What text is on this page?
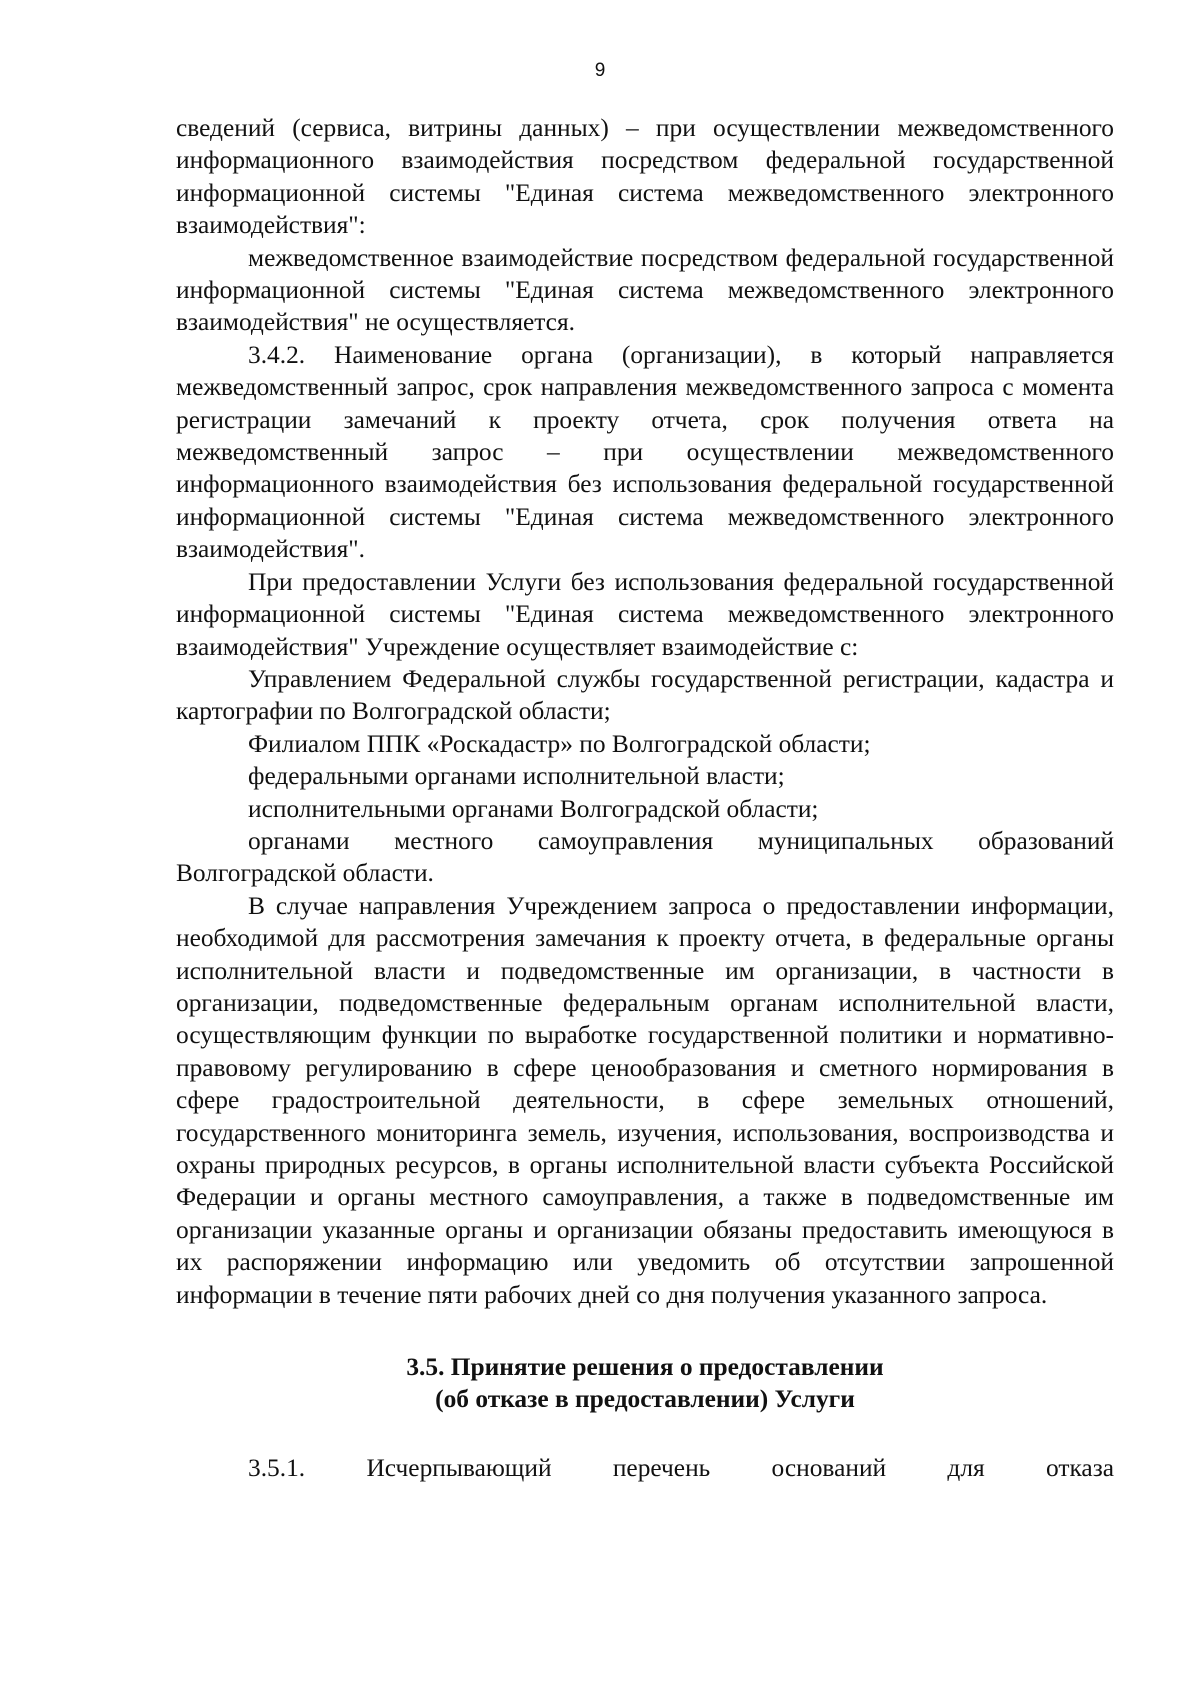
9

сведений (сервиса, витрины данных) – при осуществлении межведомственного информационного взаимодействия посредством федеральной государственной информационной системы "Единая система межведомственного электронного взаимодействия":

межведомственное взаимодействие посредством федеральной государственной информационной системы "Единая система межведомственного электронного взаимодействия" не осуществляется.

3.4.2. Наименование органа (организации), в который направляется межведомственный запрос, срок направления межведомственного запроса с момента регистрации замечаний к проекту отчета, срок получения ответа на межведомственный запрос – при осуществлении межведомственного информационного взаимодействия без использования федеральной государственной информационной системы "Единая система межведомственного электронного взаимодействия".

При предоставлении Услуги без использования федеральной государственной информационной системы "Единая система межведомственного электронного взаимодействия" Учреждение осуществляет взаимодействие с:

Управлением Федеральной службы государственной регистрации, кадастра и картографии по Волгоградской области;

Филиалом ППК «Роскадастр» по Волгоградской области;

федеральными органами исполнительной власти;

исполнительными органами Волгоградской области;

органами местного самоуправления муниципальных образований Волгоградской области.

В случае направления Учреждением запроса о предоставлении информации, необходимой для рассмотрения замечания к проекту отчета, в федеральные органы исполнительной власти и подведомственные им организации, в частности в организации, подведомственные федеральным органам исполнительной власти, осуществляющим функции по выработке государственной политики и нормативно-правовому регулированию в сфере ценообразования и сметного нормирования в сфере градостроительной деятельности, в сфере земельных отношений, государственного мониторинга земель, изучения, использования, воспроизводства и охраны природных ресурсов, в органы исполнительной власти субъекта Российской Федерации и органы местного самоуправления, а также в подведомственные им организации указанные органы и организации обязаны предоставить имеющуюся в их распоряжении информацию или уведомить об отсутствии запрошенной информации в течение пяти рабочих дней со дня получения указанного запроса.

3.5. Принятие решения о предоставлении
(об отказе в предоставлении) Услуги

3.5.1. Исчерпывающий перечень оснований для отказа
